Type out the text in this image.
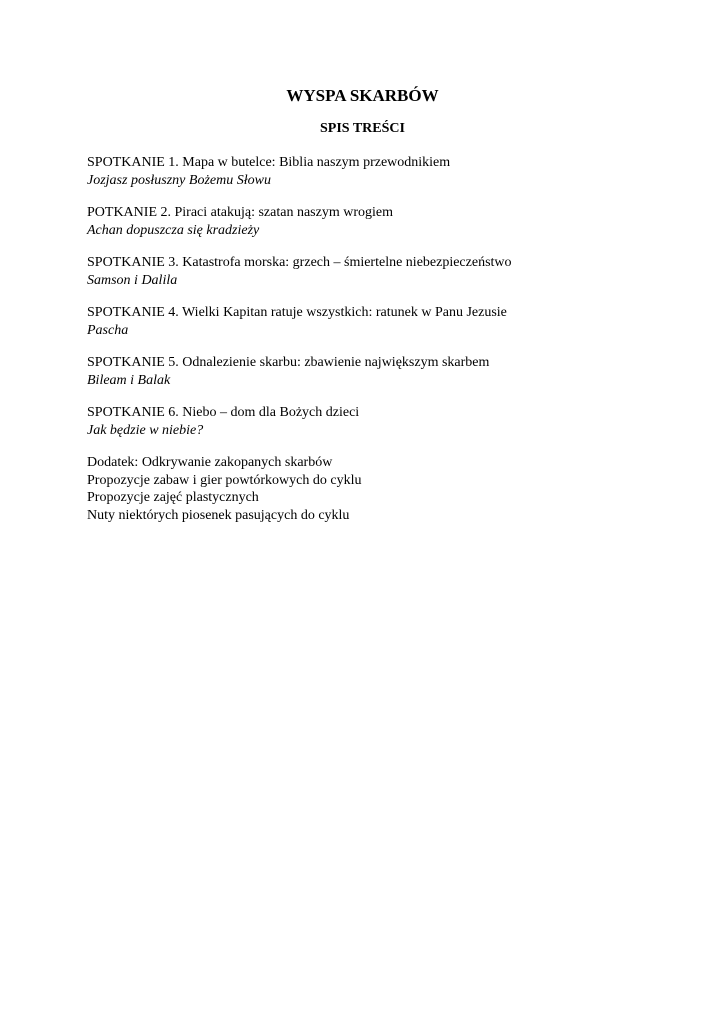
WYSPA SKARBÓW
SPIS TREŚCI
SPOTKANIE 1. Mapa w butelce: Biblia naszym przewodnikiem
Jozjasz posłuszny Bożemu Słowu
POTKANIE 2. Piraci atakują: szatan naszym wrogiem
Achan dopuszcza się kradzieży
SPOTKANIE 3. Katastrofa morska: grzech – śmiertelne niebezpieczeństwo
Samson i Dalila
SPOTKANIE 4. Wielki Kapitan ratuje wszystkich: ratunek w Panu Jezusie
Pascha
SPOTKANIE 5. Odnalezienie skarbu: zbawienie największym skarbem
Bileam i Balak
SPOTKANIE 6. Niebo – dom dla Bożych dzieci
Jak będzie w niebie?
Dodatek: Odkrywanie zakopanych skarbów
Propozycje zabaw i gier powtórkowych do cyklu
Propozycje zajęć plastycznych
Nuty niektórych piosenek pasujących do cyklu
